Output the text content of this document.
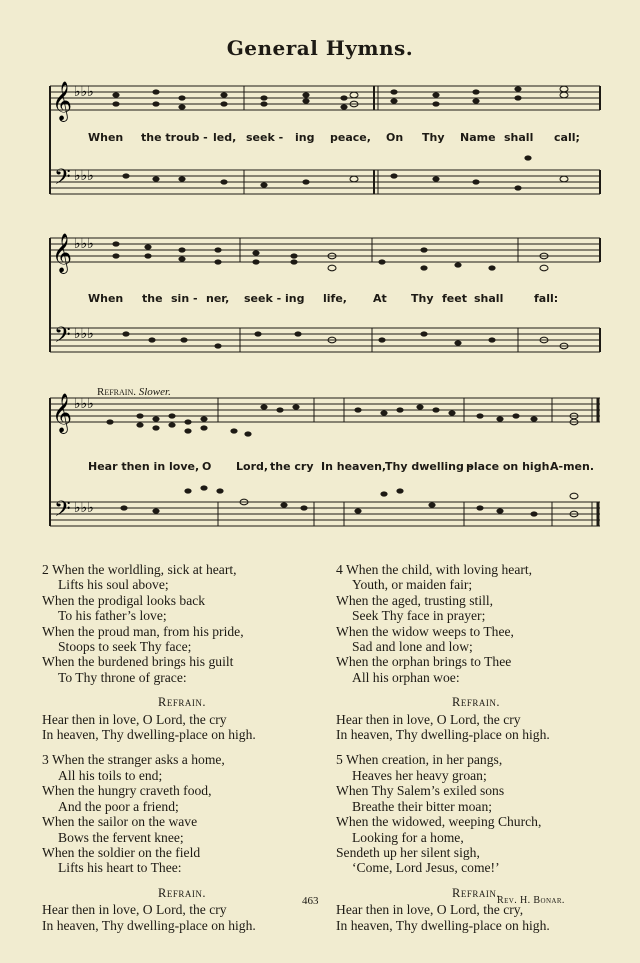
General Hymns.
𝄞
𝄢
♭♭♭
♭♭♭
When the troub - led, seek - ing peace, On Thy Name shall call;
𝄞
𝄢
♭♭♭
♭♭♭
When the sin - ner, seek - ing life, At Thy feet shall	fall:
Refrain. Slower.
𝄞
𝄢
♭♭♭
♭♭♭
Hear then in love, O Lord, the cry In heaven,
Thy dwelling -
place on high.
A-men.
2 When the worldling, sick at heart,
Lifts his soul above;
When the prodigal looks back
To his father’s love;
When the proud man, from his pride,
Stoops to seek Thy face;
When the burdened brings his guilt
To Thy throne of grace:
Refrain.
Hear then in love, O Lord, the cry
In heaven, Thy dwelling-place on high.
3 When the stranger asks a home,
All his toils to end;
When the hungry craveth food,
And the poor a friend;
When the sailor on the wave
Bows the fervent knee;
When the soldier on the field
Lifts his heart to Thee:
Refrain.
Hear then in love, O Lord, the cry
In heaven, Thy dwelling-place on high.
4 When the child, with loving heart,
Youth, or maiden fair;
When the aged, trusting still,
Seek Thy face in prayer;
When the widow weeps to Thee,
Sad and lone and low;
When the orphan brings to Thee
All his orphan woe:
Refrain.
Hear then in love, O Lord, the cry
In heaven, Thy dwelling-place on high.
5 When creation, in her pangs,
Heaves her heavy groan;
When Thy Salem’s exiled sons
Breathe their bitter moan;
When the widowed, weeping Church,
Looking for a home,
Sendeth up her silent sigh,
‘Come, Lord Jesus, come!’
Refrain.
Hear then in love, O Lord, the cry,
In heaven, Thy dwelling-place on high.
463	Rev. H. Bonar.
